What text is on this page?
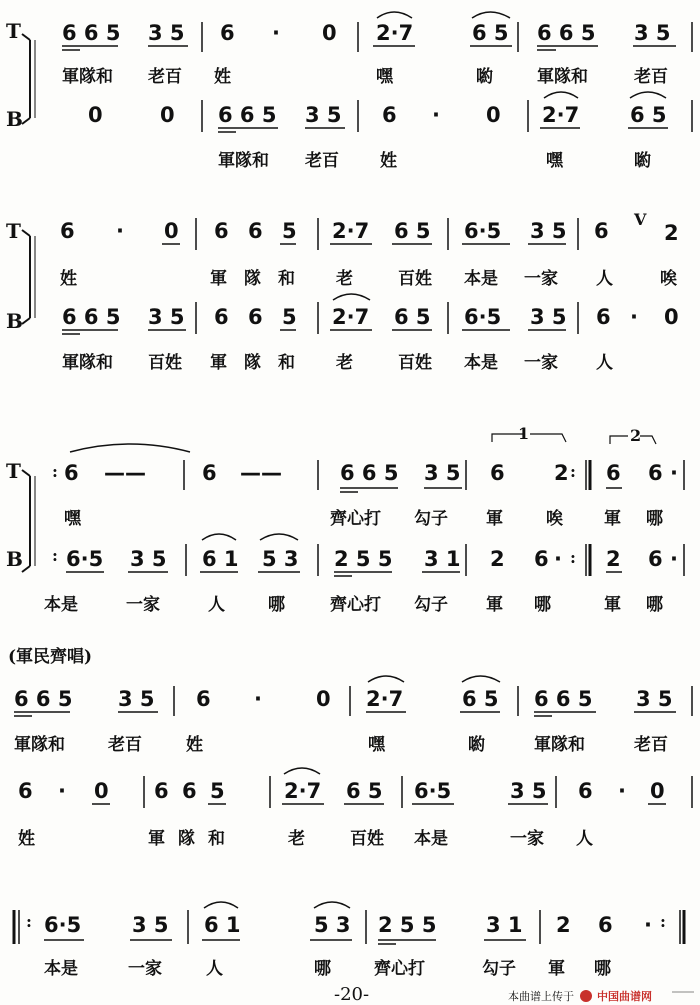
T
B
6 6 5 3 5 6 · 0 2·7	6 5 6 6 5 3 5
軍隊和 老百 姓	嘿	喲	軍隊和	老百
0	0 6 6 5 3 5 6 · 0 2·7 6 5
軍隊和 老百 姓	嘿	喲
T
B
6 · 0 6 6 5 2·7 6 5 6·5 3 5 6	2
V
姓	軍 隊 和 老	百姓 本是 一家 人	唉
6 6 5 3 5 6 6 5 2·7 6 5 6·5 3 5 6 · 0
軍隊和 百姓 軍 隊 和 老	百姓 本是 一家 人
T
B
:
:
1	2
6 ——	6 ——	6 6 5 3 5 6 2 : 6 6 ·
嘿	齊心打 勾子 軍	唉 軍 哪
6·5 3 5 6 1 5 3 2 5 5 3 1 2 6 · : 2 6 ·
本是	一家	人	哪	齊心打 勾子 軍 哪	軍 哪
(軍民齊唱)
6 6 5 3 5 6 ·	0 2·7	6 5 6 6 5 3 5
軍隊和	老百	姓	嘿	喲	軍隊和	老百
6 · 0 6 6 5	2·7 6 5 6·5	3 5 6 · 0
姓	軍 隊 和	老	百姓 本是	一家 人
:	:
6·5 3 5 6 1	5 3 2 5 5 3 1 2 6 ·
本是	一家	人	哪	齊心打	勾子 軍 哪
-20-	本曲谱上传于 中国曲谱网
